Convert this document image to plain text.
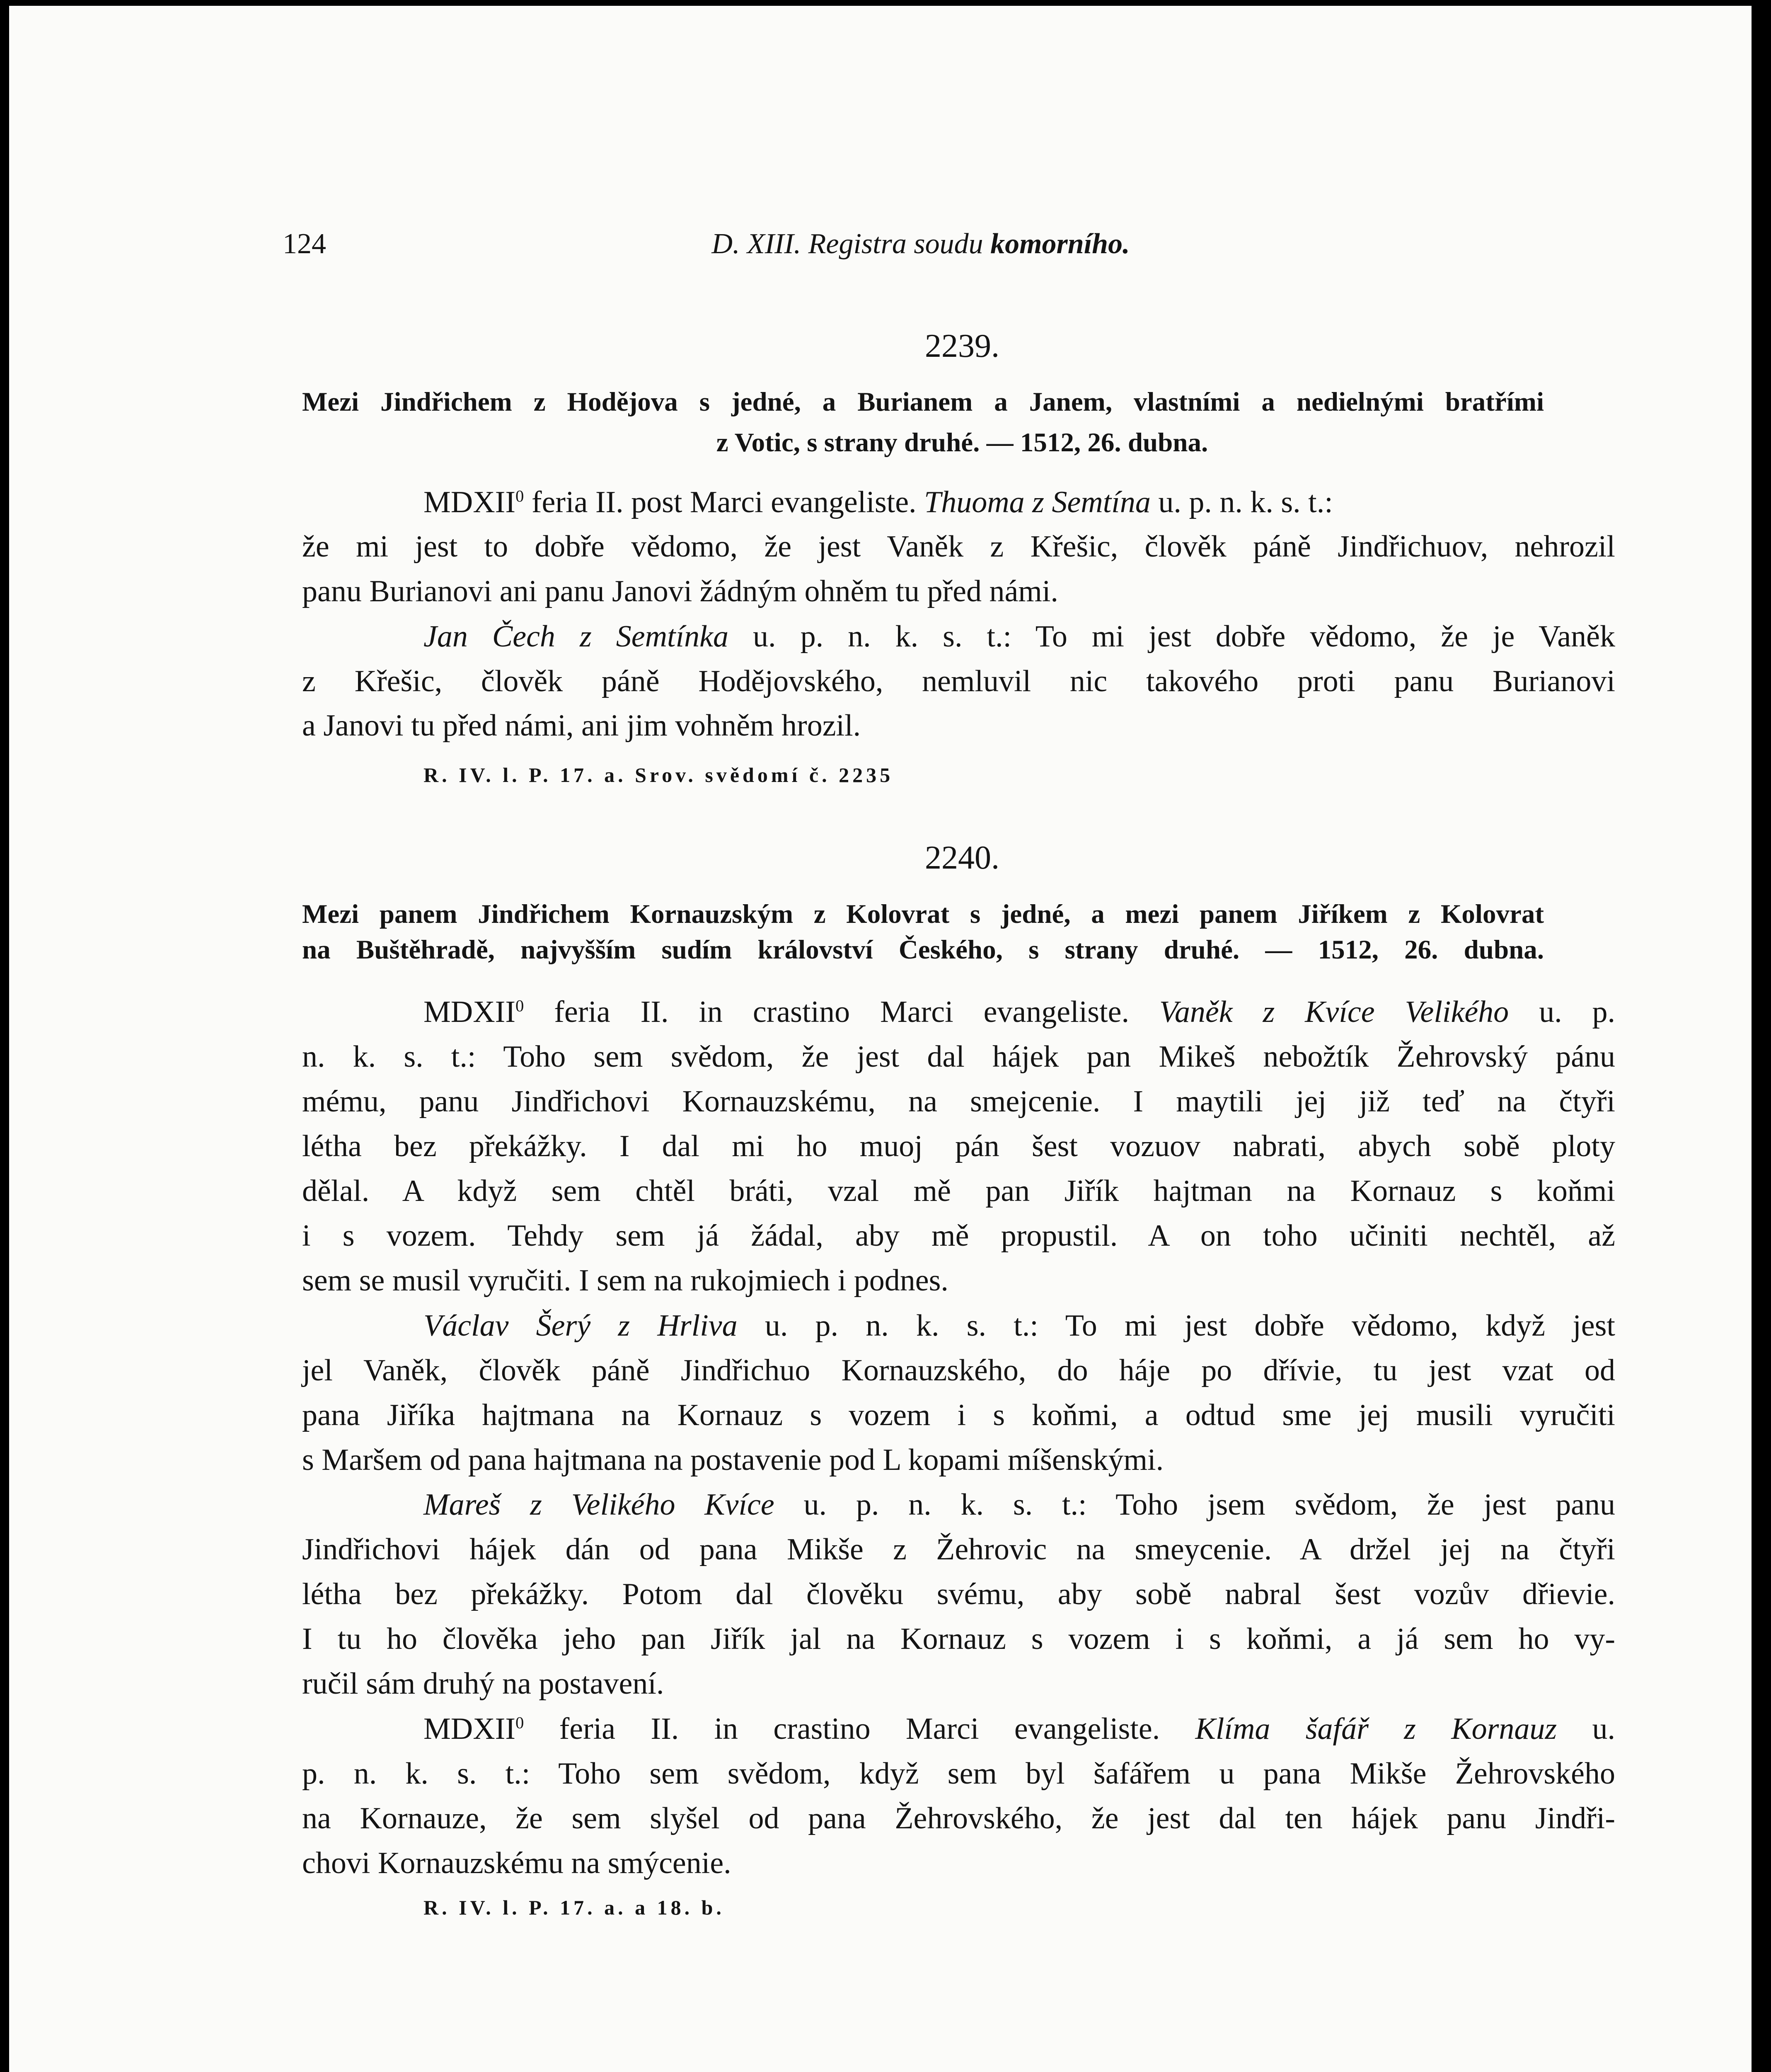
124	D. XIII. Registra soudu komorního.
2239.
Mezi Jindřichem z Hodějova s jedné, a Burianem a Janem, vlastními a nedielnými bratřími
z Votic, s strany druhé. — 1512, 26. dubna.
MDXII$^0$ feria II. post Marci evangeliste. Thuoma z Semtína u. p. n. k. s. t.:
že mi jest to dobře vědomo, že jest Vaněk z Křešic, člověk páně Jindřichuov, nehrozil
panu Burianovi ani panu Janovi žádným ohněm tu před námi.
Jan Čech z Semtínka u. p. n. k. s. t.: To mi jest dobře vědomo, že je Vaněk
z Křešic, člověk páně Hodějovského, nemluvil nic takového proti panu Burianovi
a Janovi tu před námi, ani jim vohněm hrozil.
R. IV. l. P. 17. a. Srov. svědomí č. 2235
2240.
Mezi panem Jindřichem Kornauzským z Kolovrat s jedné, a mezi panem Jiříkem z Kolovrat
na Buštěhradě, najvyšším sudím království Českého, s strany druhé. — 1512, 26. dubna.
MDXII$^0$ feria II. in crastino Marci evangeliste. Vaněk z Kvíce Velikého u. p.
n. k. s. t.: Toho sem svědom, že jest dal hájek pan Mikeš nebožtík Žehrovský pánu
mému, panu Jindřichovi Kornauzskému, na smejcenie. I maytili jej již teď na čtyři
létha bez překážky. I dal mi ho muoj pán šest vozuov nabrati, abych sobě ploty
dělal. A když sem chtěl bráti, vzal mě pan Jiřík hajtman na Kornauz s koňmi
i s vozem. Tehdy sem já žádal, aby mě propustil. A on toho učiniti nechtěl, až
sem se musil vyručiti. I sem na rukojmiech i podnes.
Václav Šerý z Hrliva u. p. n. k. s. t.: To mi jest dobře vědomo, když jest
jel Vaněk, člověk páně Jindřichuo Kornauzského, do háje po dřívie, tu jest vzat od
pana Jiříka hajtmana na Kornauz s vozem i s koňmi, a odtud sme jej musili vyručiti
s Maršem od pana hajtmana na postavenie pod L kopami míšenskými.
Mareš z Velikého Kvíce u. p. n. k. s. t.: Toho jsem svědom, že jest panu
Jindřichovi hájek dán od pana Mikše z Žehrovic na smeycenie. A držel jej na čtyři
létha bez překážky. Potom dal člověku svému, aby sobě nabral šest vozův dřievie.
I tu ho člověka jeho pan Jiřík jal na Kornauz s vozem i s koňmi, a já sem ho vy-
ručil sám druhý na postavení.
MDXII$^0$ feria II. in crastino Marci evangeliste. Klíma šafář z Kornauz u.
p. n. k. s. t.: Toho sem svědom, když sem byl šafářem u pana Mikše Žehrovského
na Kornauze, že sem slyšel od pana Žehrovského, že jest dal ten hájek panu Jindři-
chovi Kornauzskému na smýcenie.
R. IV. l. P. 17. a. a 18. b.
